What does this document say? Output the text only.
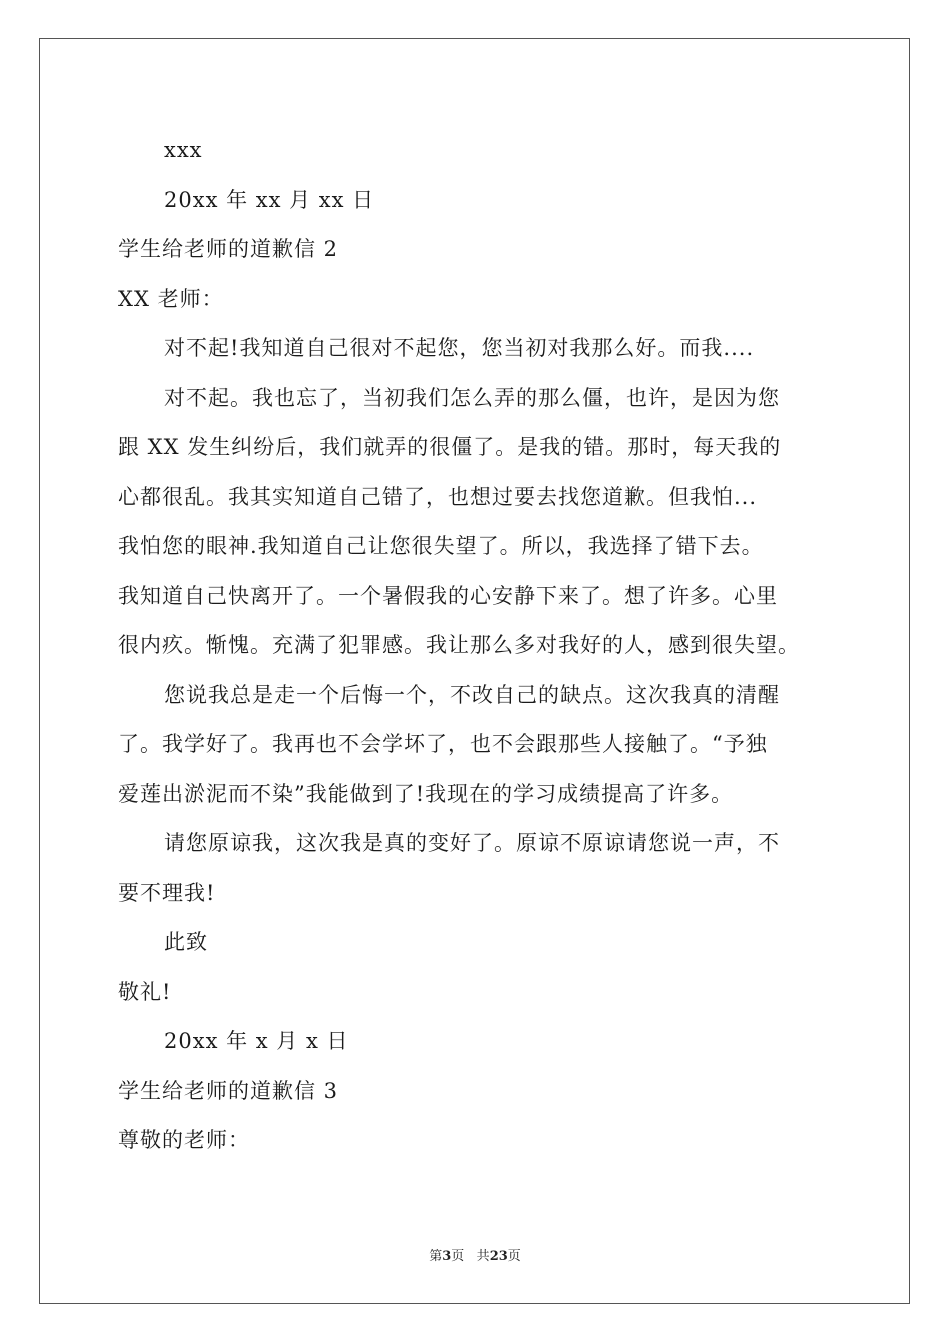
xxx
20xx 年 xx 月 xx 日
学生给老师的道歉信 2
XX 老师：
对不起!我知道自己很对不起您，您当初对我那么好。而我....
对不起。我也忘了，当初我们怎么弄的那么僵，也许，是因为您
跟 XX 发生纠纷后，我们就弄的很僵了。是我的错。那时，每天我的
心都很乱。我其实知道自己错了，也想过要去找您道歉。但我怕...
我怕您的眼神.我知道自己让您很失望了。所以，我选择了错下去。
我知道自己快离开了。一个暑假我的心安静下来了。想了许多。心里
很内疚。惭愧。充满了犯罪感。我让那么多对我好的人，感到很失望。
您说我总是走一个后悔一个，不改自己的缺点。这次我真的清醒
了。我学好了。我再也不会学坏了，也不会跟那些人接触了。“予独
爱莲出淤泥而不染”我能做到了!我现在的学习成绩提高了许多。
请您原谅我，这次我是真的变好了。原谅不原谅请您说一声，不
要不理我!
此致
敬礼!
20xx 年 x 月 x 日
学生给老师的道歉信 3
尊敬的老师：
第3页 共23页
